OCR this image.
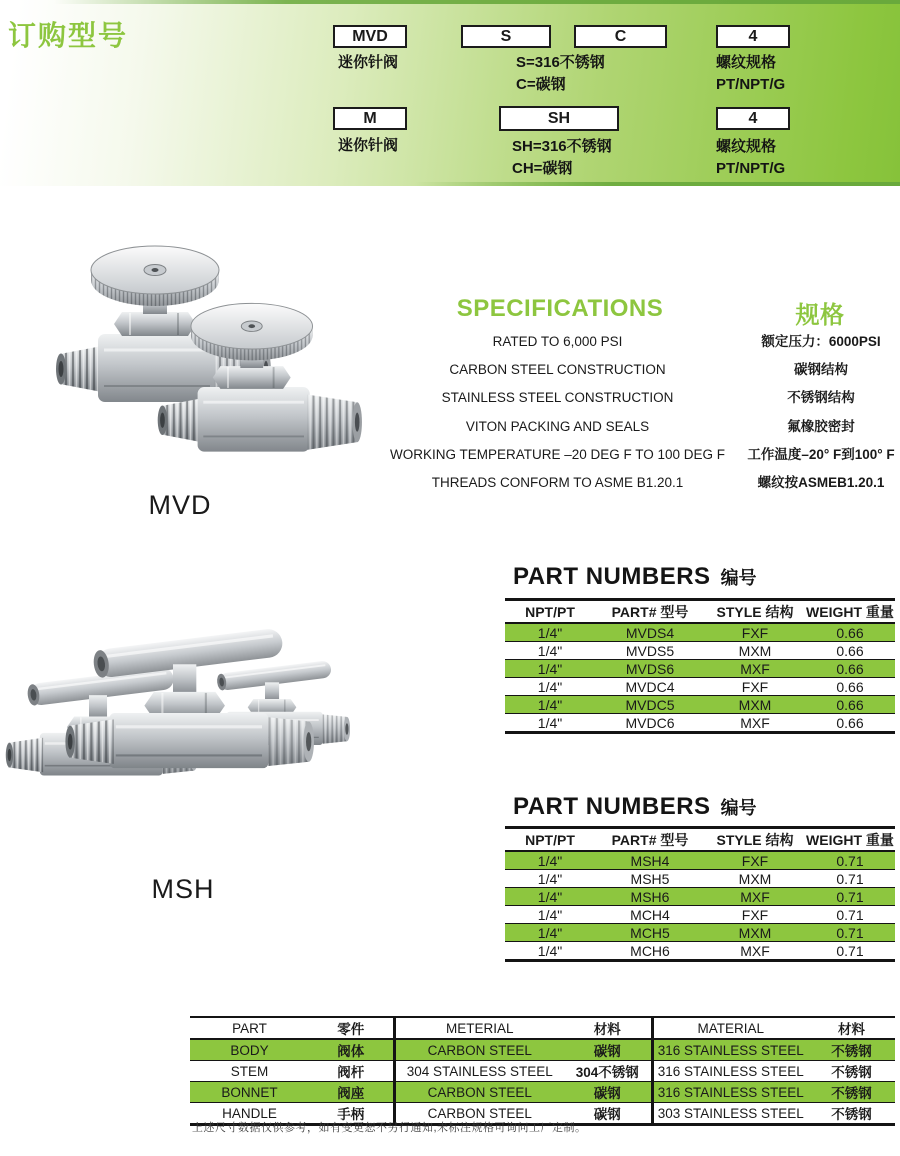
订购型号	MVD
迷你针阀
S	C
S=316不锈钢
C=碳钢
4
螺纹规格
PT/NPT/G
M
迷你针阀
SH
SH=316不锈钢
CH=碳钢
4
螺纹规格
PT/NPT/G
MVD
SPECIFICATIONS	规格
RATED TO 6,000 PSI
CARBON STEEL CONSTRUCTION
STAINLESS STEEL CONSTRUCTION
VITON PACKING AND SEALS
WORKING TEMPERATURE –20 DEG F TO 100 DEG F
THREADS CONFORM TO ASME B1.20.1
额定压力：6000PSI
碳钢结构
不锈钢结构
氟橡胶密封
工作温度–20° F到100° F
螺纹按ASMEB1.20.1
PART NUMBERS 编号
NPT/PT	PART# 型号	STYLE 结构	WEIGHT 重量
1/4"	MVDS4	FXF	0.66
1/4"	MVDS5	MXM	0.66
1/4"	MVDS6	MXF	0.66
1/4"	MVDC4	FXF	0.66
1/4"	MVDC5	MXM	0.66
1/4"	MVDC6	MXF	0.66
MSH
PART NUMBERS 编号
NPT/PT	PART# 型号	STYLE 结构	WEIGHT 重量
1/4"	MSH4	FXF	0.71
1/4"	MSH5	MXM	0.71
1/4"	MSH6	MXF	0.71
1/4"	MCH4	FXF	0.71
1/4"	MCH5	MXM	0.71
1/4"	MCH6	MXF	0.71
PART	零件	METERIAL	材料	MATERIAL	材料
BODY	阀体	CARBON STEEL	碳钢	316 STAINLESS STEEL	不锈钢
STEM	阀杆	304 STAINLESS STEEL	304不锈钢	316 STAINLESS STEEL	不锈钢
BONNET	阀座	CARBON STEEL	碳钢	316 STAINLESS STEEL	不锈钢
HANDLE	手柄	CARBON STEEL	碳钢	303 STAINLESS STEEL	不锈钢
上述尺寸数据仅供参考，如有变更恕不另行通知,未标注规格可询问工厂定制。
